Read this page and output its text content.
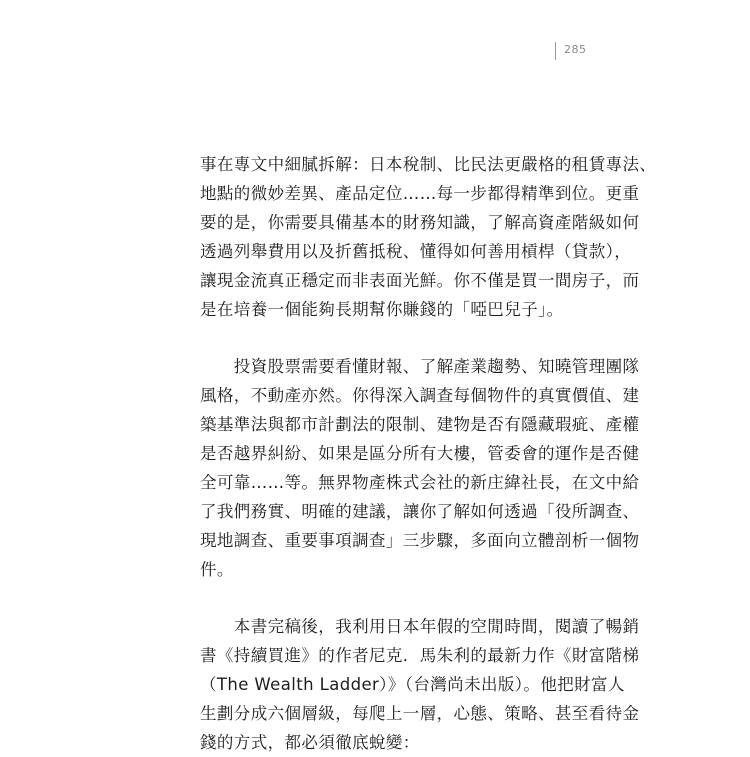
285
事在專文中細膩拆解：日本稅制、比民法更嚴格的租賃專法、
地點的微妙差異、產品定位……每一步都得精準到位。更重
要的是，你需要具備基本的財務知識，了解高資產階級如何
透過列舉費用以及折舊抵稅、懂得如何善用槓桿（貸款），
讓現金流真正穩定而非表面光鮮。你不僅是買一間房子，而
是在培養一個能夠長期幫你賺錢的「啞巴兒子」。
　　投資股票需要看懂財報、了解產業趨勢、知曉管理團隊
風格，不動產亦然。你得深入調查每個物件的真實價值、建
築基準法與都市計劃法的限制、建物是否有隱藏瑕疵、產權
是否越界糾紛、如果是區分所有大樓，管委會的運作是否健
全可靠……等。無界物產株式会社的新庄緯社長，在文中給
了我們務實、明確的建議，讓你了解如何透過「役所調查、
現地調查、重要事項調查」三步驟，多面向立體剖析一個物
件。
　　本書完稿後，我利用日本年假的空閒時間，閱讀了暢銷
書《持續買進》的作者尼克．馬朱利的最新力作《財富階梯
（The Wealth Ladder）》（台灣尚未出版）。他把財富人
生劃分成六個層級，每爬上一層，心態、策略、甚至看待金
錢的方式，都必須徹底蛻變：
